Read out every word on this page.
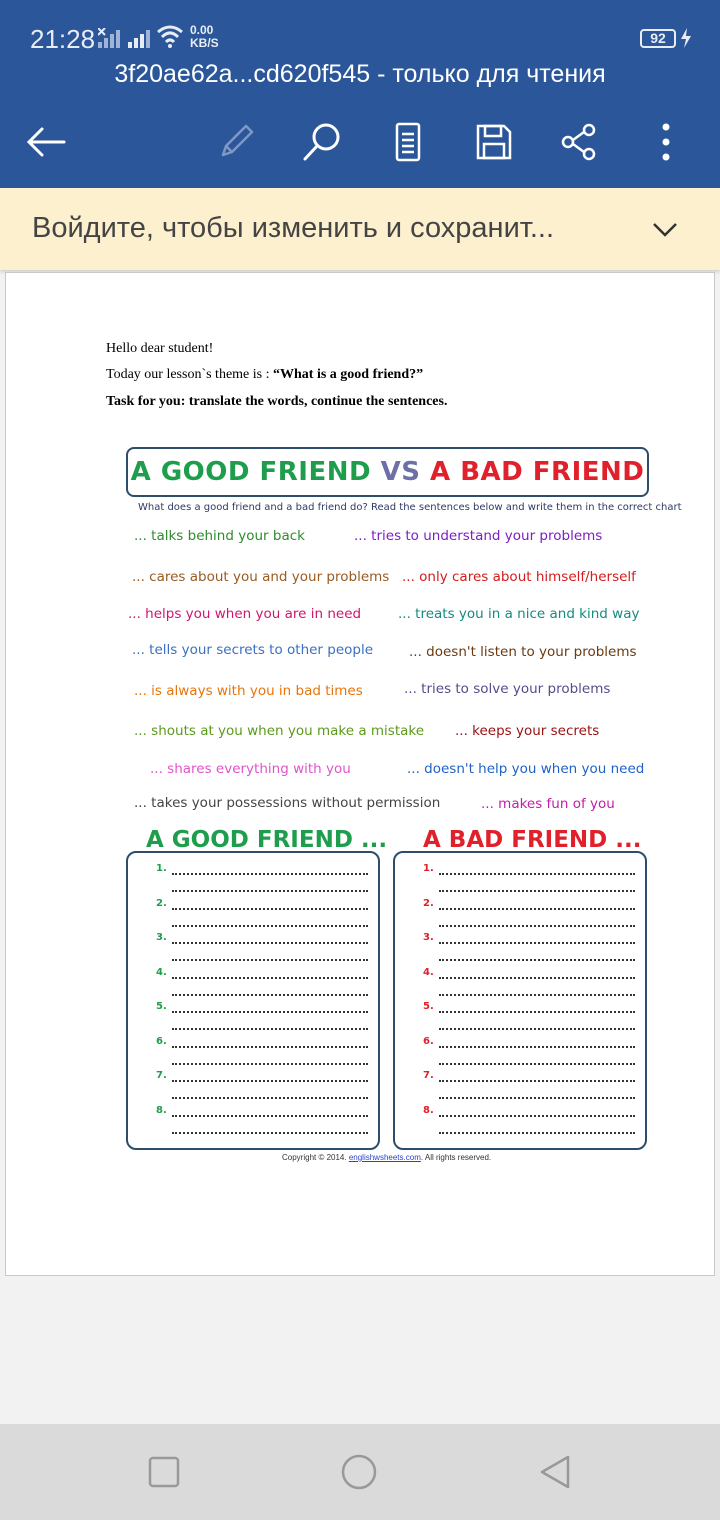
21:28	0.00
KB/S	92
3f20ae62a...cd620f545 - только для чтения
Войдите, чтобы изменить и сохранит...
Hello dear student!
Today our lesson`s theme is : “What is a good friend?”
Task for you: translate the words, continue the sentences.
A GOOD FRIEND VS A BAD FRIEND
What does a good friend and a bad friend do? Read the sentences below and write them in the correct chart
... talks behind your back	... tries to understand your problems
... cares about you and your problems ... only cares about himself/herself
... helps you when you are in need	... treats you in a nice and kind way
... tells your secrets to other people	... doesn't listen to your problems
... is always with you in bad times	... tries to solve your problems
... shouts at you when you make a mistake ... keeps your secrets
... shares everything with you	... doesn't help you when you need
... takes your possessions without permission	... makes fun of you
A GOOD FRIEND ... A BAD FRIEND ...
1.
2.
3.
4.
5.
6.
7.
8.
1.
2.
3.
4.
5.
6.
7.
8.
Copyright © 2014. englishwsheets.com. All rights reserved.
